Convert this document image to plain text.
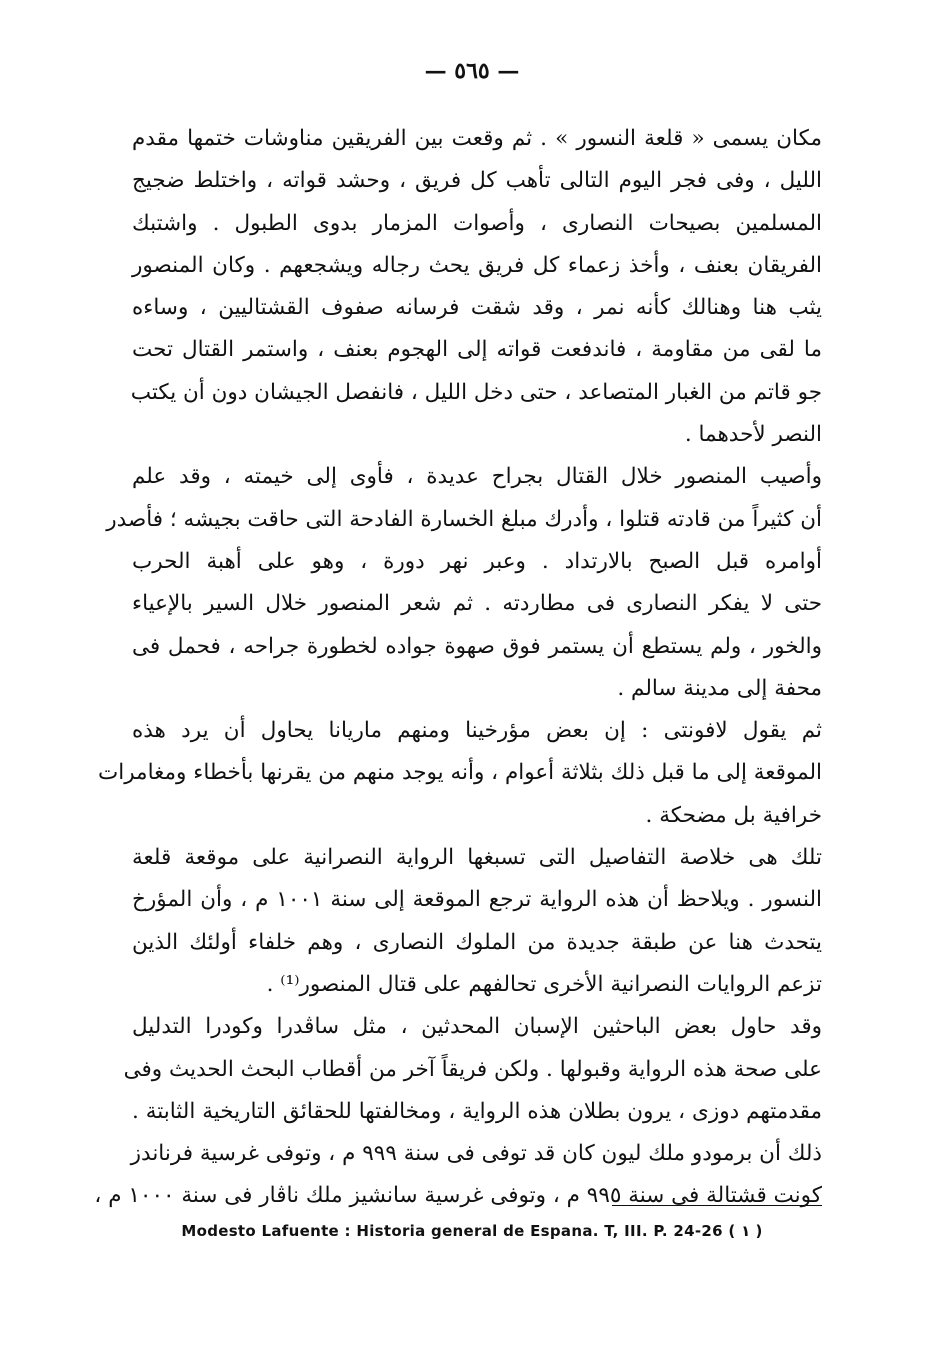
— ٥٦٥ —
مكان يسمى « قلعة النسور » . ثم وقعت بين الفريقين مناوشات ختمها مقدم
الليل ، وفى فجر اليوم التالى تأهب كل فريق ، وحشد قواته ، واختلط ضجيج
المسلمين بصيحات النصارى ، وأصوات المزمار بدوى الطبول . واشتبك
الفريقان بعنف ، وأخذ زعماء كل فريق يحث رجاله ويشجعهم . وكان المنصور
يثب هنا وهنالك كأنه نمر ، وقد شقت فرسانه صفوف القشتاليين ، وساءه
ما لقى من مقاومة ، فاندفعت قواته إلى الهجوم بعنف ، واستمر القتال تحت
جو قاتم من الغبار المتصاعد ، حتى دخل الليل ، فانفصل الجيشان دون أن يكتب
النصر لأحدهما .
وأصيب المنصور خلال القتال بجراح عديدة ، فأوى إلى خيمته ، وقد علم
أن كثيراً من قادته قتلوا ، وأدرك مبلغ الخسارة الفادحة التى حاقت بجيشه ؛ فأصدر
أوامره قبل الصبح بالارتداد . وعبر نهر دورة ، وهو على أهبة الحرب
حتى لا يفكر النصارى فى مطاردته . ثم شعر المنصور خلال السير بالإعياء
والخور ، ولم يستطع أن يستمر فوق صهوة جواده لخطورة جراحه ، فحمل فى
محفة إلى مدينة سالم .
ثم يقول لافونتى : إن بعض مؤرخينا ومنهم ماريانا يحاول أن يرد هذه
الموقعة إلى ما قبل ذلك بثلاثة أعوام ، وأنه يوجد منهم من يقرنها بأخطاء ومغامرات
خرافية بل مضحكة .
تلك هى خلاصة التفاصيل التى تسبغها الرواية النصرانية على موقعة قلعة
النسور . ويلاحظ أن هذه الرواية ترجع الموقعة إلى سنة ١٠٠١ م ، وأن المؤرخ
يتحدث هنا عن طبقة جديدة من الملوك النصارى ، وهم خلفاء أولئك الذين
تزعم الروايات النصرانية الأخرى تحالفهم على قتال المنصور⁽¹⁾ .
وقد حاول بعض الباحثين الإسبان المحدثين ، مثل ساڤدرا وكودرا التدليل
على صحة هذه الرواية وقبولها . ولكن فريقاً آخر من أقطاب البحث الحديث وفى
مقدمتهم دوزى ، يرون بطلان هذه الرواية ، ومخالفتها للحقائق التاريخية الثابتة .
ذلك أن برمودو ملك ليون كان قد توفى فى سنة ٩٩٩ م ، وتوفى غرسية فرناندز
كونت قشتالة فى سنة ٩٩٥ م ، وتوفى غرسية سانشيز ملك ناڤار فى سنة ١٠٠٠ م ،
Modesto Lafuente : Historia general de Espana. T, III. P. 24-26 ( ١ )
